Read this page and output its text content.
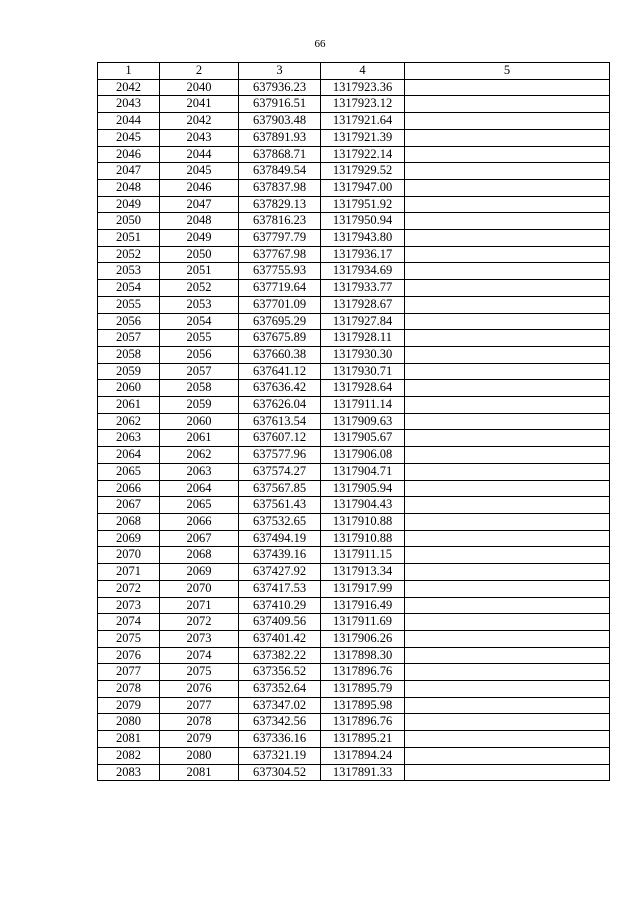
66
1	2	3	4	5
2042	2040	637936.23	1317923.36	
2043	2041	637916.51	1317923.12	
2044	2042	637903.48	1317921.64	
2045	2043	637891.93	1317921.39	
2046	2044	637868.71	1317922.14	
2047	2045	637849.54	1317929.52	
2048	2046	637837.98	1317947.00	
2049	2047	637829.13	1317951.92	
2050	2048	637816.23	1317950.94	
2051	2049	637797.79	1317943.80	
2052	2050	637767.98	1317936.17	
2053	2051	637755.93	1317934.69	
2054	2052	637719.64	1317933.77	
2055	2053	637701.09	1317928.67	
2056	2054	637695.29	1317927.84	
2057	2055	637675.89	1317928.11	
2058	2056	637660.38	1317930.30	
2059	2057	637641.12	1317930.71	
2060	2058	637636.42	1317928.64	
2061	2059	637626.04	1317911.14	
2062	2060	637613.54	1317909.63	
2063	2061	637607.12	1317905.67	
2064	2062	637577.96	1317906.08	
2065	2063	637574.27	1317904.71	
2066	2064	637567.85	1317905.94	
2067	2065	637561.43	1317904.43	
2068	2066	637532.65	1317910.88	
2069	2067	637494.19	1317910.88	
2070	2068	637439.16	1317911.15	
2071	2069	637427.92	1317913.34	
2072	2070	637417.53	1317917.99	
2073	2071	637410.29	1317916.49	
2074	2072	637409.56	1317911.69	
2075	2073	637401.42	1317906.26	
2076	2074	637382.22	1317898.30	
2077	2075	637356.52	1317896.76	
2078	2076	637352.64	1317895.79	
2079	2077	637347.02	1317895.98	
2080	2078	637342.56	1317896.76	
2081	2079	637336.16	1317895.21	
2082	2080	637321.19	1317894.24	
2083	2081	637304.52	1317891.33	
